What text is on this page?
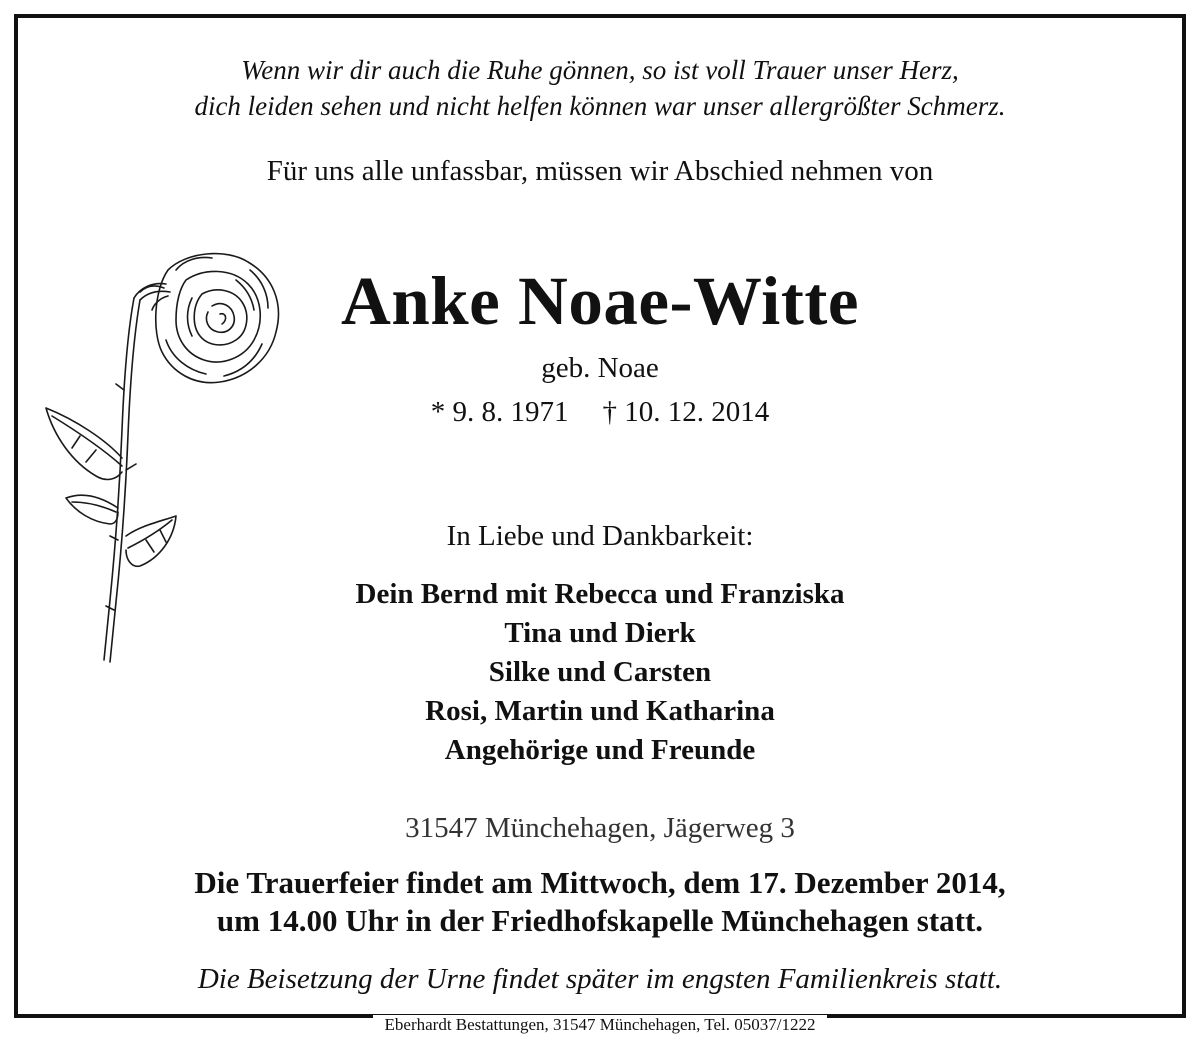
Wenn wir dir auch die Ruhe gönnen, so ist voll Trauer unser Herz,
dich leiden sehen und nicht helfen können war unser allergrößter Schmerz.
Für uns alle unfassbar, müssen wir Abschied nehmen von
Anke Noae-Witte
geb. Noae
* 9. 8. 1971 † 10. 12. 2014
In Liebe und Dankbarkeit:
Dein Bernd mit Rebecca und Franziska
Tina und Dierk
Silke und Carsten
Rosi, Martin und Katharina
Angehörige und Freunde
31547 Münchehagen, Jägerweg 3
Die Trauerfeier findet am Mittwoch, dem 17. Dezember 2014,
um 14.00 Uhr in der Friedhofskapelle Münchehagen statt.
Die Beisetzung der Urne findet später im engsten Familienkreis statt.
Eberhardt Bestattungen, 31547 Münchehagen, Tel. 05037/1222
